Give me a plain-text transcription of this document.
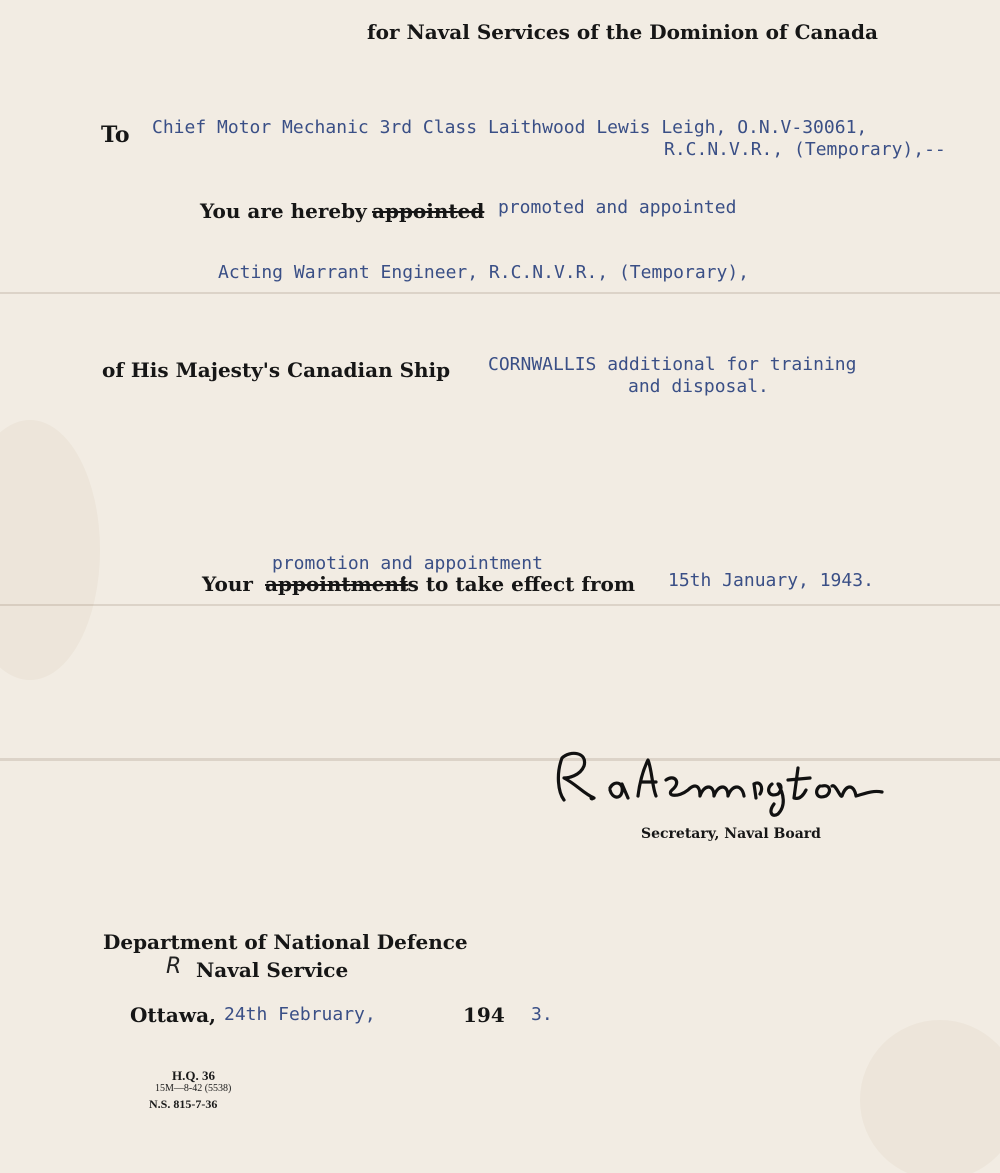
for Naval Services of the Dominion of Canada
To Chief Motor Mechanic 3rd Class Laithwood Lewis Leigh, O.N.V-30061,
R.C.N.V.R., (Temporary),--
You are hereby appointed promoted and appointed
Acting Warrant Engineer, R.C.N.V.R., (Temporary),
of His Majesty's Canadian Ship CORNWALLIS additional for training
and disposal.
promotion and appointment
Your appointment
is to take effect from 15th January, 1943.
Secretary, Naval Board
Department of National Defence
R Naval Service
Ottawa, 24th February,	194 3.
H.Q. 36
15M—8-42 (5538)
N.S. 815-7-36
